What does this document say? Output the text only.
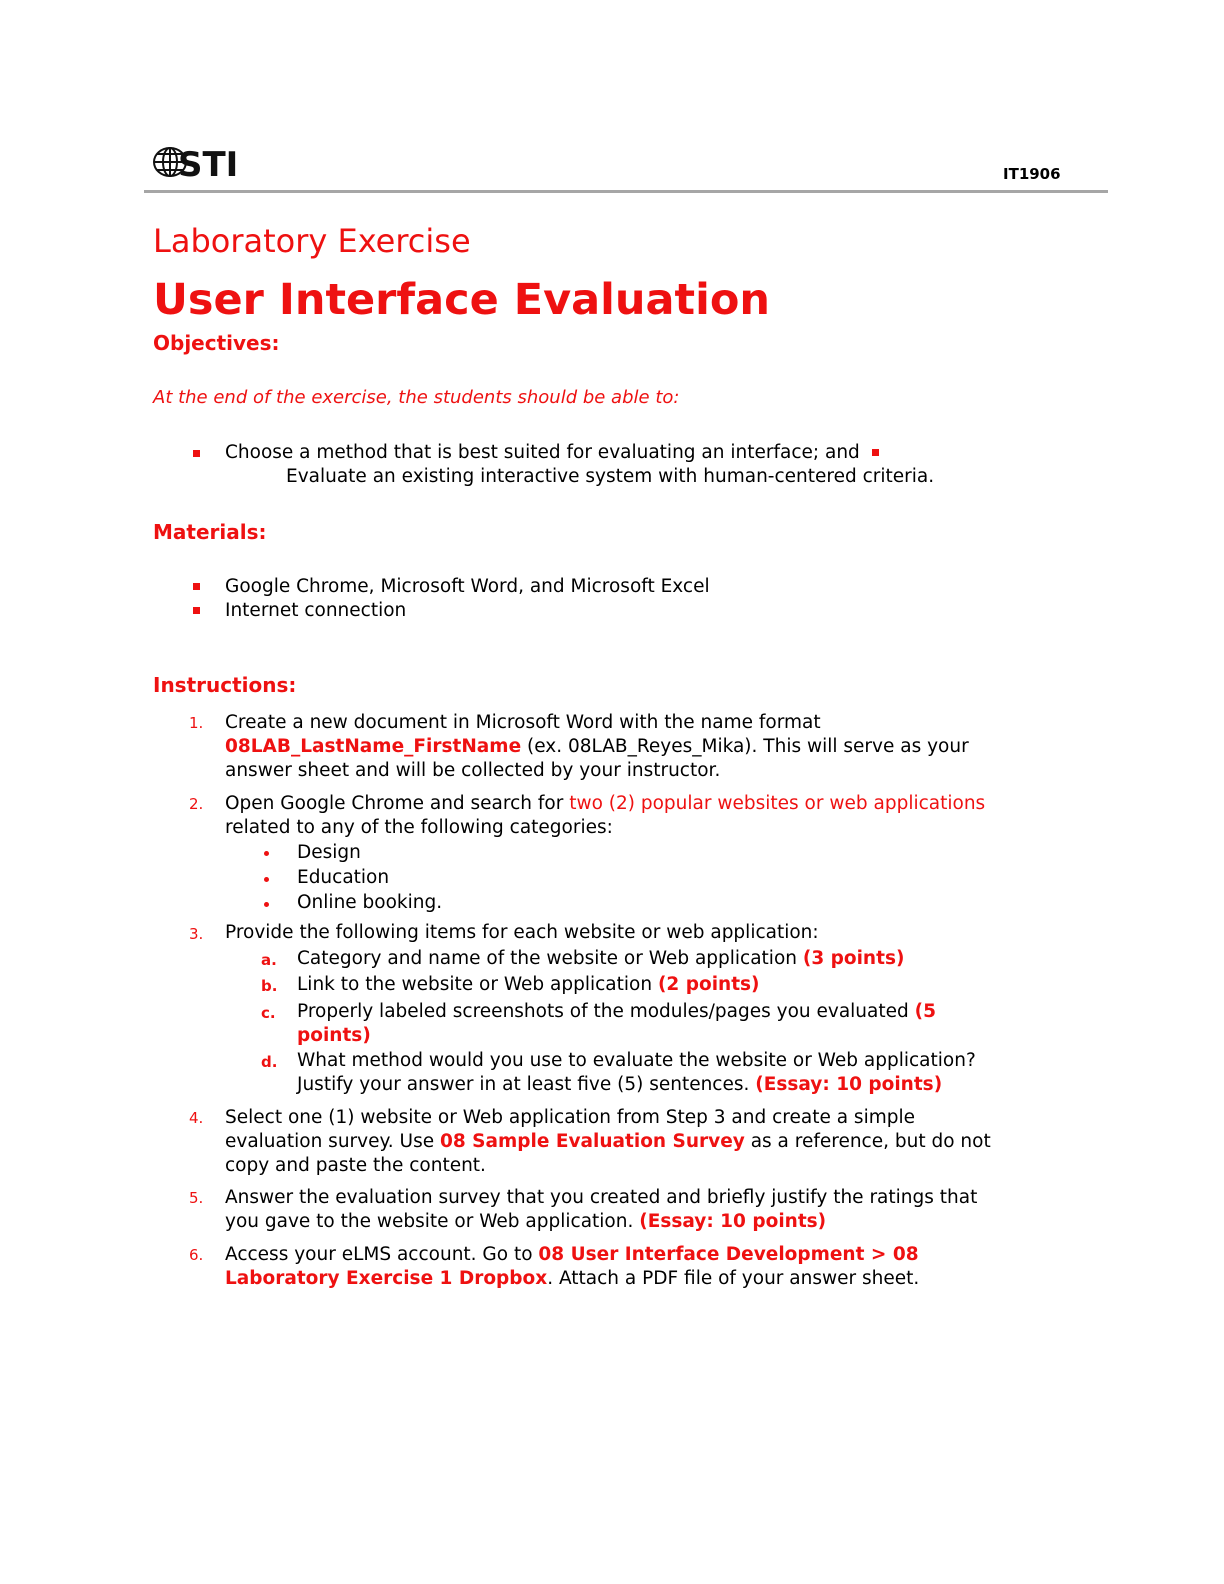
STI	IT1906
Laboratory Exercise
User Interface Evaluation
Objectives:
At the end of the exercise, the students should be able to:
Choose a method that is best suited for evaluating an interface; and
Evaluate an existing interactive system with human-centered criteria.
Materials:
Google Chrome, Microsoft Word, and Microsoft Excel
Internet connection
Instructions:
1. Create a new document in Microsoft Word with the name format
08LAB_LastName_FirstName (ex. 08LAB_Reyes_Mika). This will serve as your
answer sheet and will be collected by your instructor.
2. Open Google Chrome and search for two (2) popular websites or web applications
related to any of the following categories:
Design
Education
Online booking.
3. Provide the following items for each website or web application:
a. Category and name of the website or Web application (3 points)
b. Link to the website or Web application (2 points)
c. Properly labeled screenshots of the modules/pages you evaluated (5
points)
d. What method would you use to evaluate the website or Web application?
Justify your answer in at least five (5) sentences. (Essay: 10 points)
4. Select one (1) website or Web application from Step 3 and create a simple
evaluation survey. Use 08 Sample Evaluation Survey as a reference, but do not
copy and paste the content.
5. Answer the evaluation survey that you created and briefly justify the ratings that
you gave to the website or Web application. (Essay: 10 points)
6. Access your eLMS account. Go to 08 User Interface Development > 08
Laboratory Exercise 1 Dropbox. Attach a PDF file of your answer sheet.
